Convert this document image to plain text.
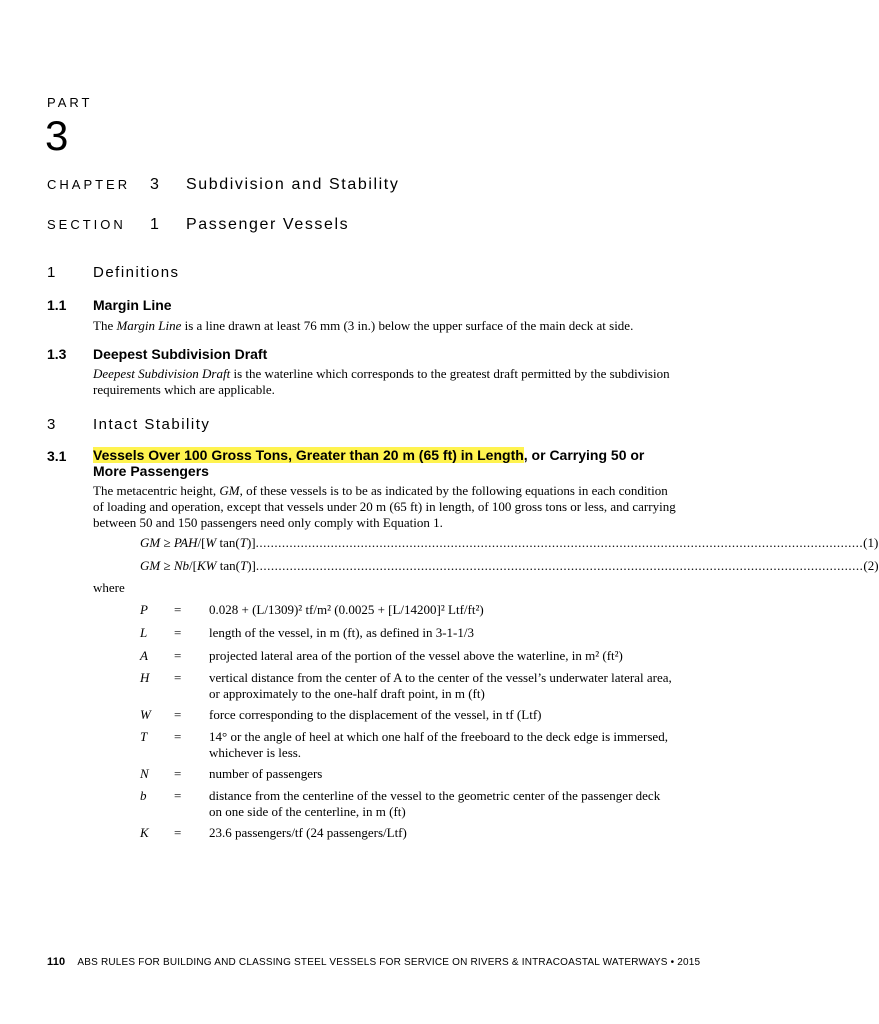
PART
3
CHAPTER 3 Subdivision and Stability
SECTION 1 Passenger Vessels
1	Definitions
1.1 Margin Line
The Margin Line is a line drawn at least 76 mm (3 in.) below the upper surface of the main deck at side.
1.3 Deepest Subdivision Draft
Deepest Subdivision Draft is the waterline which corresponds to the greatest draft permitted by the subdivision requirements which are applicable.
3	Intact Stability
3.1 Vessels Over 100 Gross Tons, Greater than 20 m (65 ft) in Length, or Carrying 50 or More Passengers
The metacentric height, GM, of these vessels is to be as indicated by the following equations in each condition of loading and operation, except that vessels under 20 m (65 ft) in length, of 100 gross tons or less, and carrying between 50 and 150 passengers need only comply with Equation 1.
GM ≥ PAH/[W tan(T)] .................................................................................................................................................................. (1)
GM ≥ Nb/[KW tan(T)] .................................................................................................................................................................. (2)
where
P = 0.028 + (L/1309)² tf/m² (0.0025 + [L/14200]² Ltf/ft²)
L = length of the vessel, in m (ft), as defined in 3-1-1/3
A = projected lateral area of the portion of the vessel above the waterline, in m² (ft²)
H = vertical distance from the center of A to the center of the vessel’s underwater lateral area, or approximately to the one-half draft point, in m (ft)
W = force corresponding to the displacement of the vessel, in tf (Ltf)
T = 14° or the angle of heel at which one half of the freeboard to the deck edge is immersed, whichever is less.
N = number of passengers
b = distance from the centerline of the vessel to the geometric center of the passenger deck on one side of the centerline, in m (ft)
K = 23.6 passengers/tf (24 passengers/Ltf)
110 ABS RULES FOR BUILDING AND CLASSING STEEL VESSELS FOR SERVICE ON RIVERS & INTRACOASTAL WATERWAYS • 2015
